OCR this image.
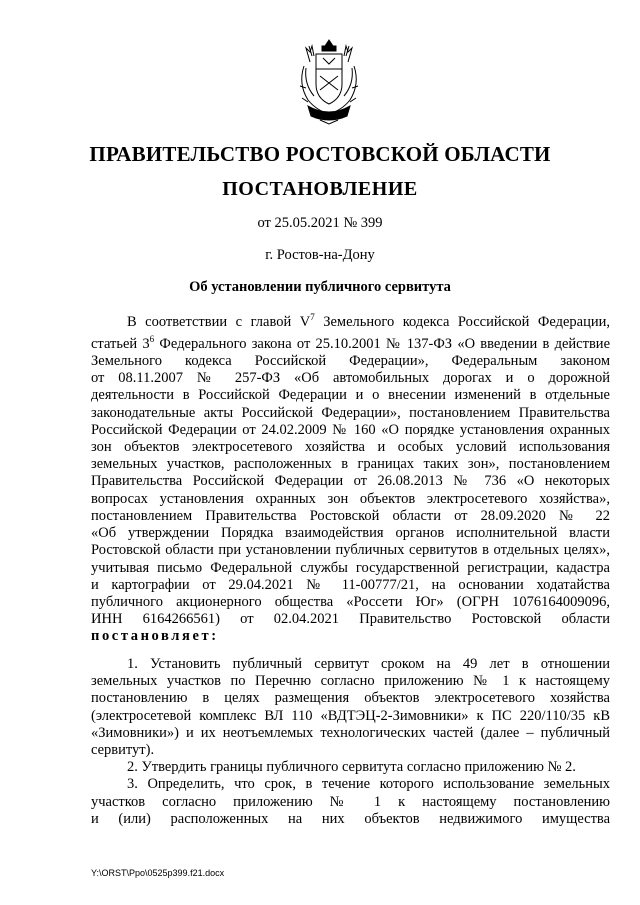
ПРАВИТЕЛЬСТВО РОСТОВСКОЙ ОБЛАСТИ
ПОСТАНОВЛЕНИЕ
от 25.05.2021 № 399
г. Ростов-на-Дону
Об установлении публичного сервитута
В соответствии с главой $V^7$ Земельного кодекса Российской Федерации,
статьей $3^6$ Федерального закона от 25.10.2001 № 137-ФЗ «О введении в действие
Земельного кодекса Российской Федерации», Федеральным законом
от 08.11.2007 № 257-ФЗ «Об автомобильных дорогах и о дорожной
деятельности в Российской Федерации и о внесении изменений в отдельные
законодательные акты Российской Федерации», постановлением Правительства
Российской Федерации от 24.02.2009 № 160 «О порядке установления охранных
зон объектов электросетевого хозяйства и особых условий использования
земельных участков, расположенных в границах таких зон», постановлением
Правительства Российской Федерации от 26.08.2013 № 736 «О некоторых
вопросах установления охранных зон объектов электросетевого хозяйства»,
постановлением Правительства Ростовской области от 28.09.2020 № 22
«Об утверждении Порядка взаимодействия органов исполнительной власти
Ростовской области при установлении публичных сервитутов в отдельных целях»,
учитывая письмо Федеральной службы государственной регистрации, кадастра
и картографии от 29.04.2021 № 11-00777/21, на основании ходатайства
публичного акционерного общества «Россети Юг» (ОГРН 1076164009096,
ИНН 6164266561) от 02.04.2021 Правительство Ростовской области
постановляет:
1. Установить публичный сервитут сроком на 49 лет в отношении
земельных участков по Перечню согласно приложению № 1 к настоящему
постановлению в целях размещения объектов электросетевого хозяйства
(электросетевой комплекс ВЛ 110 «ВДТЭЦ-2-Зимовники» к ПС 220/110/35 кВ
«Зимовники») и их неотъемлемых технологических частей (далее – публичный
сервитут).
2. Утвердить границы публичного сервитута согласно приложению № 2.
3. Определить, что срок, в течение которого использование земельных
участков согласно приложению № 1 к настоящему постановлению
и (или) расположенных на них объектов недвижимого имущества
Y:\ORST\Ppo\0525p399.f21.docx
